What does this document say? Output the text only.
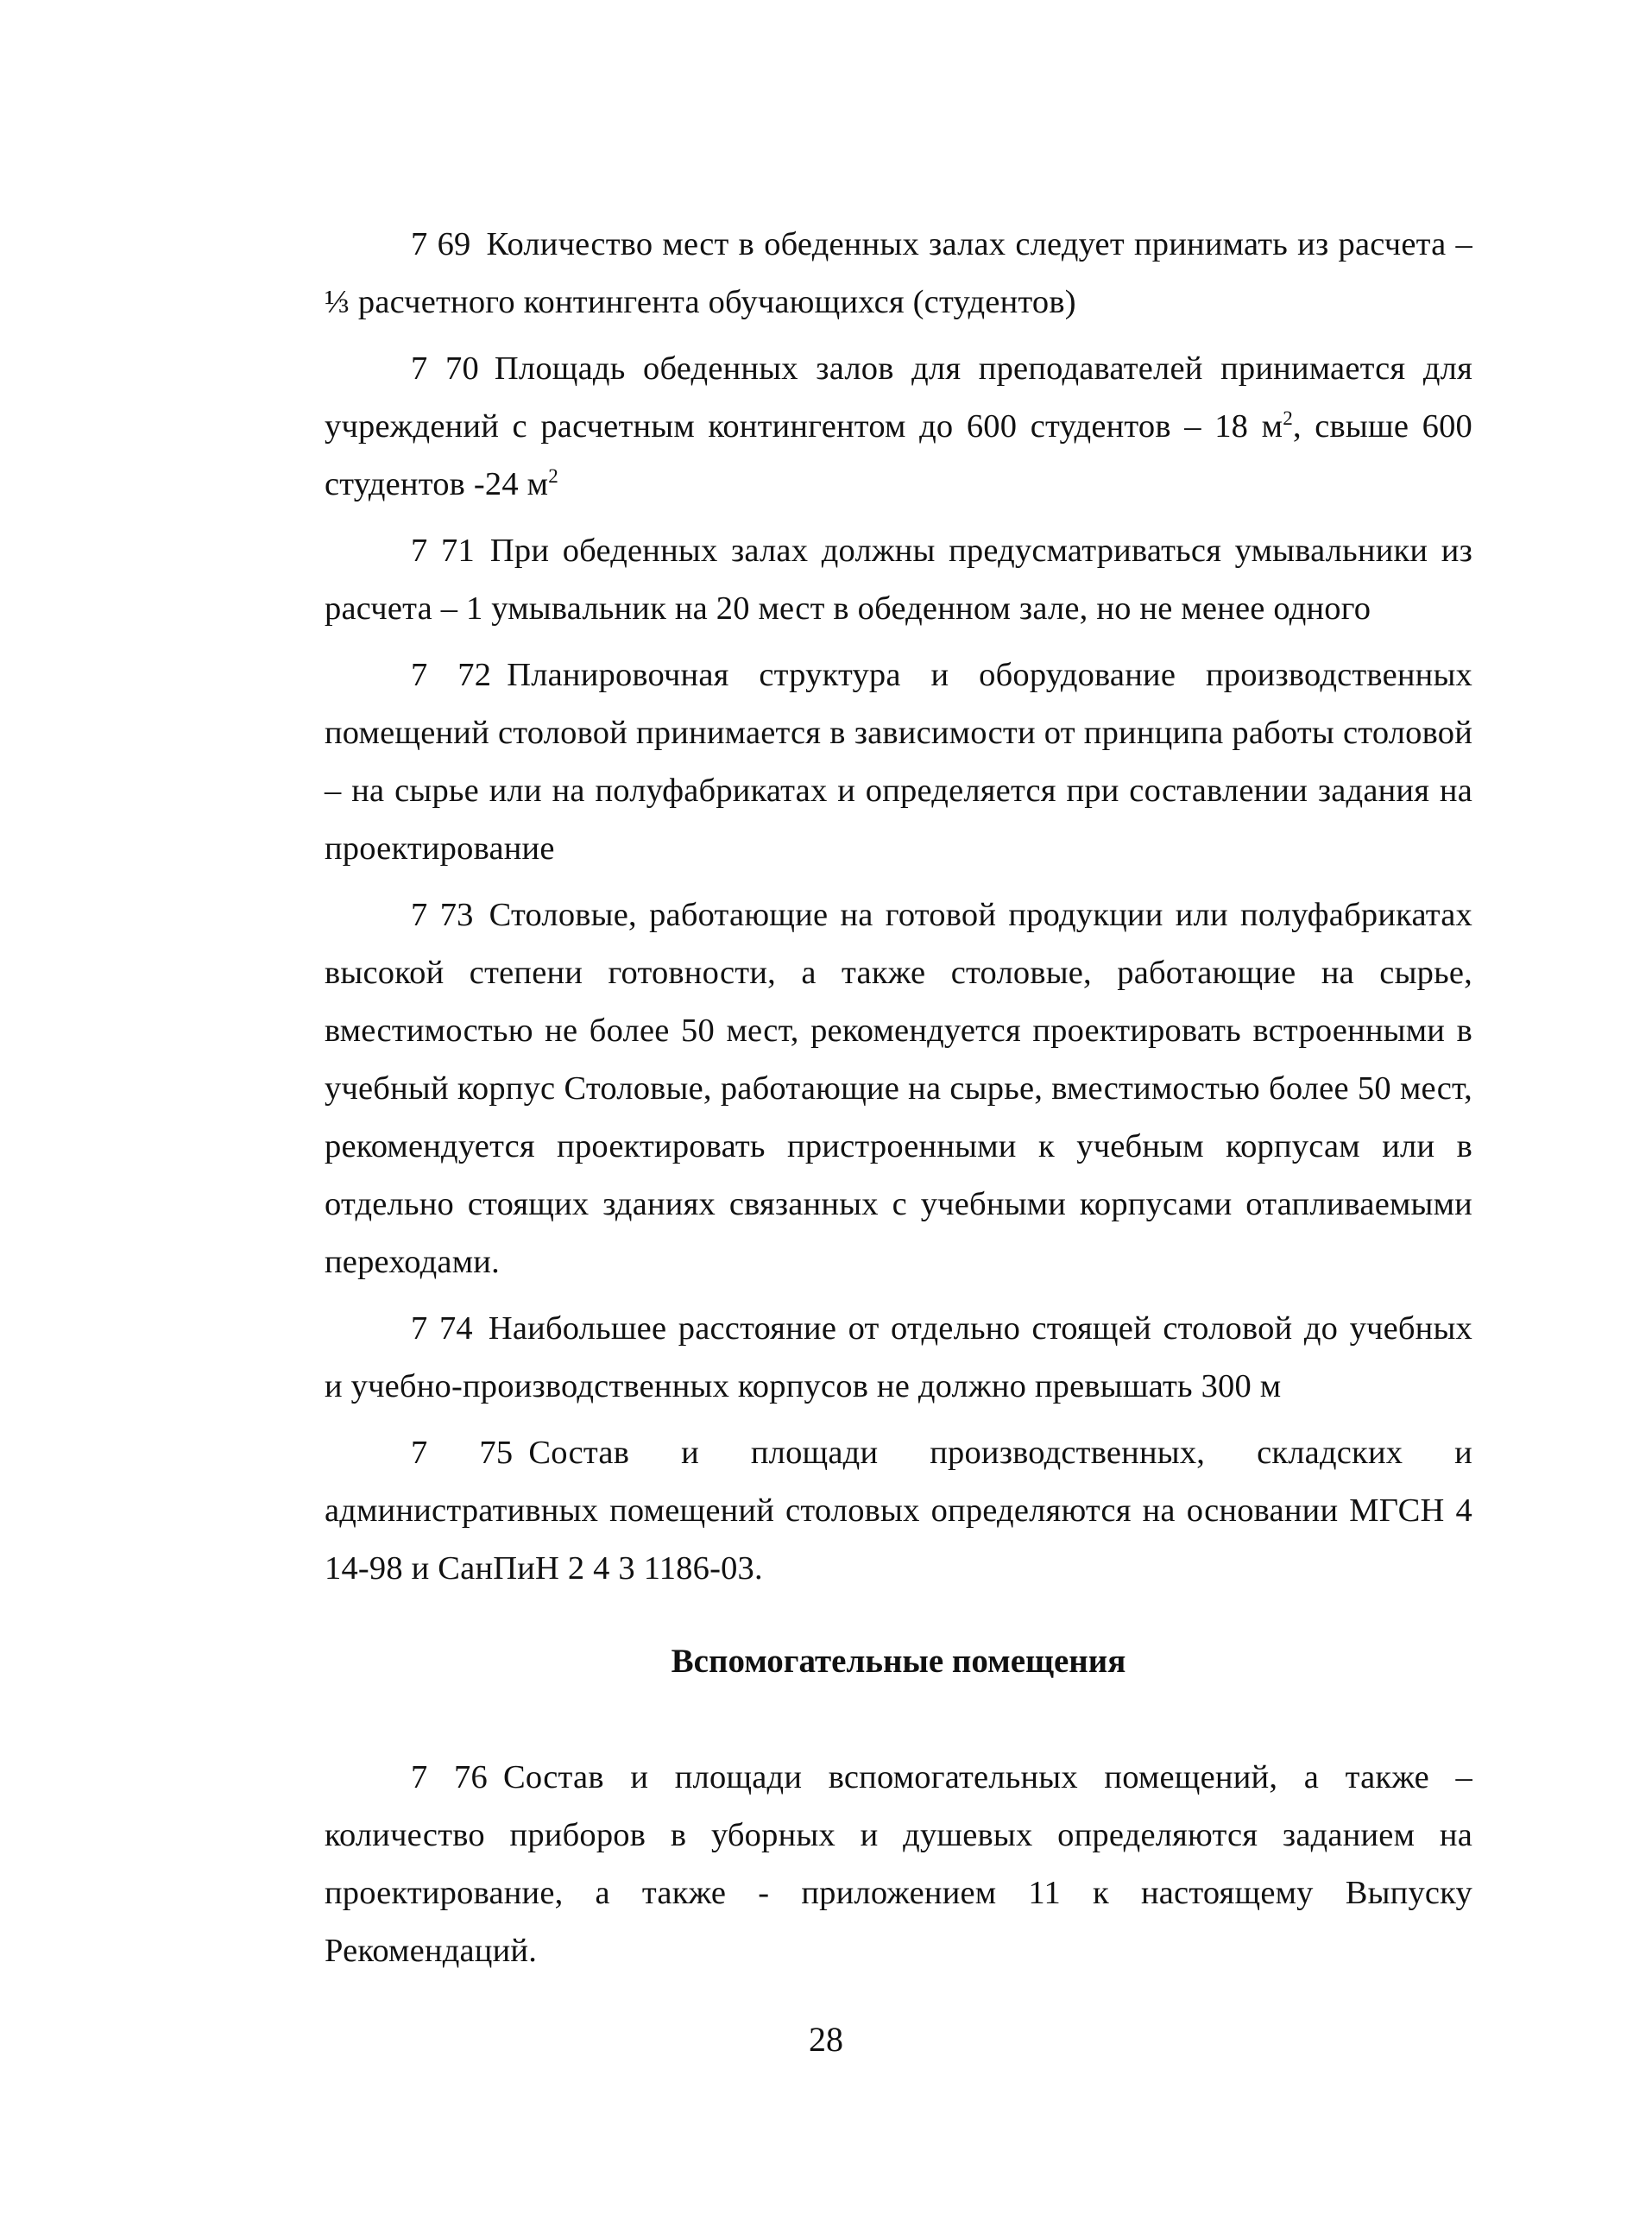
7 69 Количество мест в обеденных залах следует принимать из расчета – ⅓ расчетного контингента обучающихся (студентов)

7 70 Площадь обеденных залов для преподавателей принимается для учреждений с расчетным контингентом до 600 студентов – 18 $м^2$, свыше 600 студентов -24 $м^2$

7 71 При обеденных залах должны предусматриваться умывальники из расчета – 1 умывальник на 20 мест в обеденном зале, но не менее одного

7 72 Планировочная структура и оборудование производственных помещений столовой принимается в зависимости от принципа работы столовой – на сырье или на полуфабрикатах и определяется при составлении задания на проектирование

7 73 Столовые, работающие на готовой продукции или полуфабрикатах высокой степени готовности, а также столовые, работающие на сырье, вместимостью не более 50 мест, рекомендуется проектировать встроенными в учебный корпус Столовые, работающие на сырье, вместимостью более 50 мест, рекомендуется проектировать пристроенными к учебным корпусам или в отдельно стоящих зданиях связанных с учебными корпусами отапливаемыми переходами.

7 74 Наибольшее расстояние от отдельно стоящей столовой до учебных и учебно-производственных корпусов не должно превышать 300 м

7 75 Состав и площади производственных, складских и административных помещений столовых определяются на основании МГСН 4 14-98 и СанПиН 2 4 3 1186-03.

Вспомогательные помещения

7 76 Состав и площади вспомогательных помещений, а также – количество приборов в уборных и душевых определяются заданием на проектирование, а также - приложением 11 к настоящему Выпуску Рекомендаций.

28
